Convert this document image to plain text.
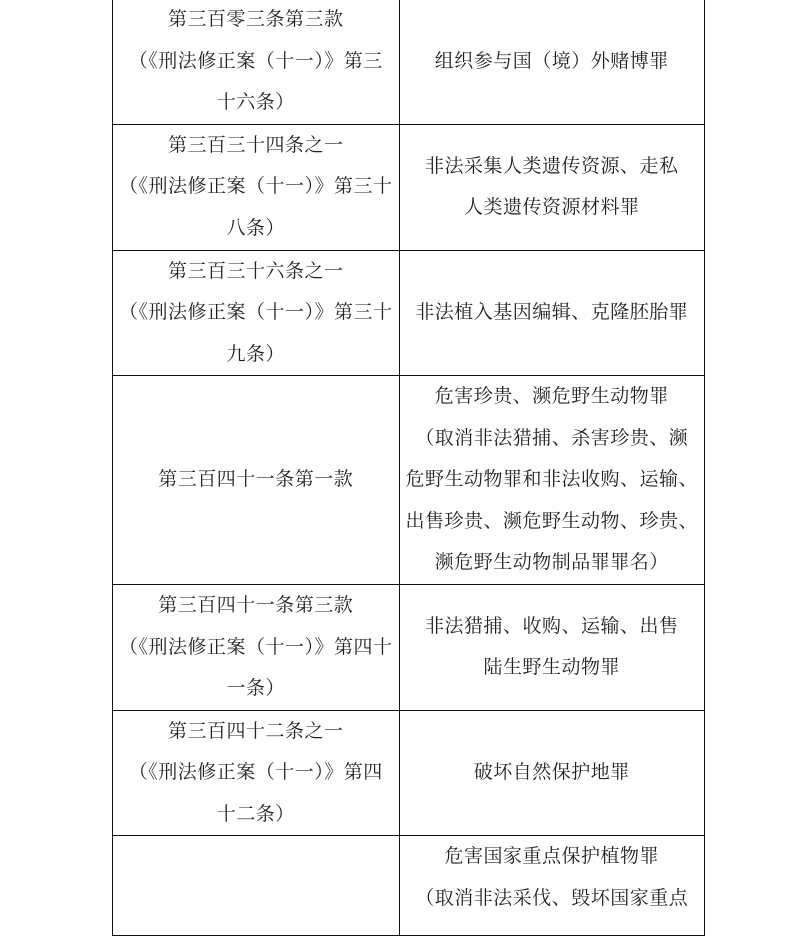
第三百零三条第三款
（《刑法修正案（十一）》第三
十六条）	组织参与国（境）外赌博罪

第三百三十四条之一
（《刑法修正案（十一）》第三十
八条）	非法采集人类遗传资源、走私
人类遗传资源材料罪

第三百三十六条之一
（《刑法修正案（十一）》第三十
九条）	非法植入基因编辑、克隆胚胎罪

第三百四十一条第一款	危害珍贵、濒危野生动物罪
（取消非法猎捕、杀害珍贵、濒
危野生动物罪和非法收购、运输、
出售珍贵、濒危野生动物、珍贵、
濒危野生动物制品罪罪名）

第三百四十一条第三款
（《刑法修正案（十一）》第四十
一条）	非法猎捕、收购、运输、出售
陆生野生动物罪

第三百四十二条之一
（《刑法修正案（十一）》第四
十二条）	破坏自然保护地罪

	危害国家重点保护植物罪
（取消非法采伐、毁坏国家重点
